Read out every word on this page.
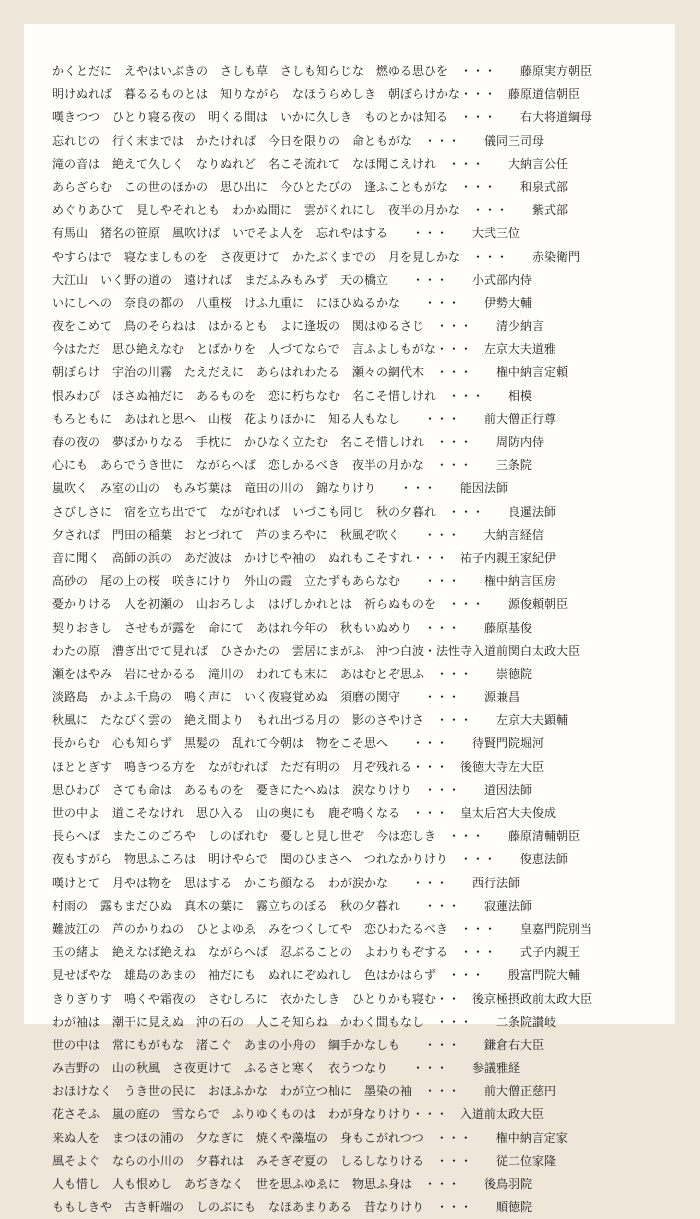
かくとだに　えやはいぶきの　さしも草　さしも知らじな　燃ゆる思ひを　・・・　　藤原実方朝臣
明けぬれば　暮るるものとは　知りながら　なほうらめしき　朝ぼらけかな・・・　藤原道信朝臣
嘆きつつ　ひとり寝る夜の　明くる間は　いかに久しき　ものとかは知る　・・・　　右大将道綱母
忘れじの　行く末までは　かたければ　今日を限りの　命ともがな　・・・　　儀同三司母
滝の音は　絶えて久しく　なりぬれど　名こそ流れて　なほ聞こえけれ　・・・　　大納言公任
あらざらむ　この世のほかの　思ひ出に　今ひとたびの　逢ふこともがな　・・・　　和泉式部
めぐりあひて　見しやそれとも　わかぬ間に　雲がくれにし　夜半の月かな　・・・　　紫式部
有馬山　猪名の笹原　風吹けば　いでそよ人を　忘れやはする　　・・・　　大弐三位
やすらはで　寝なましものを　さ夜更けて　かたぶくまでの　月を見しかな　・・・　　赤染衛門
大江山　いく野の道の　遠ければ　まだふみもみず　天の橋立　　・・・　　小式部内侍
いにしへの　奈良の都の　八重桜　けふ九重に　にほひぬるかな　　・・・　　伊勢大輔
夜をこめて　鳥のそらねは　はかるとも　よに逢坂の　関はゆるさじ　・・・　　清少納言
今はただ　思ひ絶えなむ　とばかりを　人づてならで　言ふよしもがな・・・　左京大夫道雅
朝ぼらけ　宇治の川霧　たえだえに　あらはれわたる　瀬々の網代木　・・・　　権中納言定頼
恨みわび　ほさぬ袖だに　あるものを　恋に朽ちなむ　名こそ惜しけれ　・・・　　相模
もろともに　あはれと思へ　山桜　花よりほかに　知る人もなし　　・・・　　前大僧正行尊
春の夜の　夢ばかりなる　手枕に　かひなく立たむ　名こそ惜しけれ　・・・　　周防内侍
心にも　あらでうき世に　ながらへば　恋しかるべき　夜半の月かな　・・・　　三条院
嵐吹く　み室の山の　もみぢ葉は　竜田の川の　錦なりけり　　・・・　　能因法師
さびしさに　宿を立ち出でて　ながむれば　いづこも同じ　秋の夕暮れ　・・・　　良暹法師
夕されば　門田の稲葉　おとづれて　芦のまろやに　秋風ぞ吹く　　・・・　　大納言経信
音に聞く　高師の浜の　あだ波は　かけじや袖の　ぬれもこそすれ・・・　祐子内親王家紀伊
高砂の　尾の上の桜　咲きにけり　外山の霞　立たずもあらなむ　　・・・　　権中納言匡房
憂かりける　人を初瀬の　山おろしよ　はげしかれとは　祈らぬものを　・・・　　源俊頼朝臣
契りおきし　させもが露を　命にて　あはれ今年の　秋もいぬめり　・・・　　藤原基俊
わたの原　漕ぎ出でて見れば　ひさかたの　雲居にまがふ　沖つ白波・法性寺入道前関白太政大臣
瀬をはやみ　岩にせかるる　滝川の　われても末に　あはむとぞ思ふ　・・・　　崇徳院
淡路島　かよふ千鳥の　鳴く声に　いく夜寝覚めぬ　須磨の関守　　・・・　　源兼昌
秋風に　たなびく雲の　絶え間より　もれ出づる月の　影のさやけさ　・・・　　左京大夫顕輔
長からむ　心も知らず　黒髪の　乱れて今朝は　物をこそ思へ　　・・・　　待賢門院堀河
ほととぎす　鳴きつる方を　ながむれば　ただ有明の　月ぞ残れる・・・　後徳大寺左大臣
思ひわび　さても命は　あるものを　憂きにたへぬは　涙なりけり　・・・　　道因法師
世の中よ　道こそなけれ　思ひ入る　山の奥にも　鹿ぞ鳴くなる　・・・　皇太后宮大夫俊成
長らへば　またこのごろや　しのばれむ　憂しと見し世ぞ　今は恋しき　・・・　　藤原清輔朝臣
夜もすがら　物思ふころは　明けやらで　閨のひまさへ　つれなかりけり　・・・　　俊恵法師
嘆けとて　月やは物を　思はする　かこち顔なる　わが涙かな　　・・・　　西行法師
村雨の　露もまだひぬ　真木の葉に　霧立ちのぼる　秋の夕暮れ　　・・・　　寂蓮法師
難波江の　芦のかりねの　ひとよゆゑ　みをつくしてや　恋ひわたるべき　・・・　　皇嘉門院別当
玉の緒よ　絶えなば絶えね　ながらへば　忍ぶることの　よわりもぞする　・・・　　式子内親王
見せばやな　雄島のあまの　袖だにも　ぬれにぞぬれし　色はかはらず　・・・　　殷富門院大輔
きりぎりす　鳴くや霜夜の　さむしろに　衣かたしき　ひとりかも寝む・・　後京極摂政前太政大臣
わが袖は　潮干に見えぬ　沖の石の　人こそ知らね　かわく間もなし　・・・　　二条院讃岐
世の中は　常にもがもな　渚こぐ　あまの小舟の　綱手かなしも　　・・・　　鎌倉右大臣
み吉野の　山の秋風　さ夜更けて　ふるさと寒く　衣うつなり　　・・・　　参議雅経
おほけなく　うき世の民に　おほふかな　わが立つ杣に　墨染の袖　・・・　　前大僧正慈円
花さそふ　嵐の庭の　雪ならで　ふりゆくものは　わが身なりけり・・・　入道前太政大臣
来ぬ人を　まつほの浦の　夕なぎに　焼くや藻塩の　身もこがれつつ　・・・　　権中納言定家
風そよぐ　ならの小川の　夕暮れは　みそぎぞ夏の　しるしなりける　・・・　　従二位家隆
人も惜し　人も恨めし　あぢきなく　世を思ふゆゑに　物思ふ身は　・・・　　後鳥羽院
ももしきや　古き軒端の　しのぶにも　なほあまりある　昔なりけり　・・・　　順徳院
